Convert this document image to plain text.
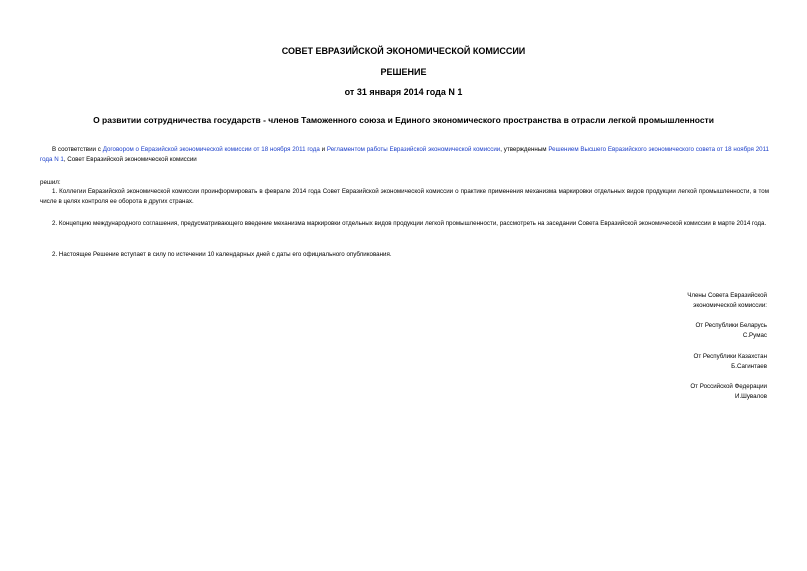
СОВЕТ ЕВРАЗИЙСКОЙ ЭКОНОМИЧЕСКОЙ КОМИССИИ
РЕШЕНИЕ
от 31 января 2014 года N 1
О развитии сотрудничества государств - членов Таможенного союза и Единого экономического пространства в отрасли легкой промышленности
В соответствии с Договором о Евразийской экономической комиссии от 18 ноября 2011 года и Регламентом работы Евразийской экономической комиссии, утвержденным Решением Высшего Евразийского экономического совета от 18 ноября 2011 года N 1, Совет Евразийской экономической комиссии
решил:
1. Коллегии Евразийской экономической комиссии проинформировать в феврале 2014 года Совет Евразийской экономической комиссии о практике применения механизма маркировки отдельных видов продукции легкой промышленности, в том числе в целях контроля ее оборота в других странах.
2. Концепцию международного соглашения, предусматривающего введение механизма маркировки отдельных видов продукции легкой промышленности, рассмотреть на заседании Совета Евразийской экономической комиссии в марте 2014 года.
2. Настоящее Решение вступает в силу по истечении 10 календарных дней с даты его официального опубликования.
Члены Совета Евразийской
экономической комиссии:
От Республики Беларусь
С.Румас
От Республики Казахстан
Б.Сагинтаев
От Российской Федерации
И.Шувалов
